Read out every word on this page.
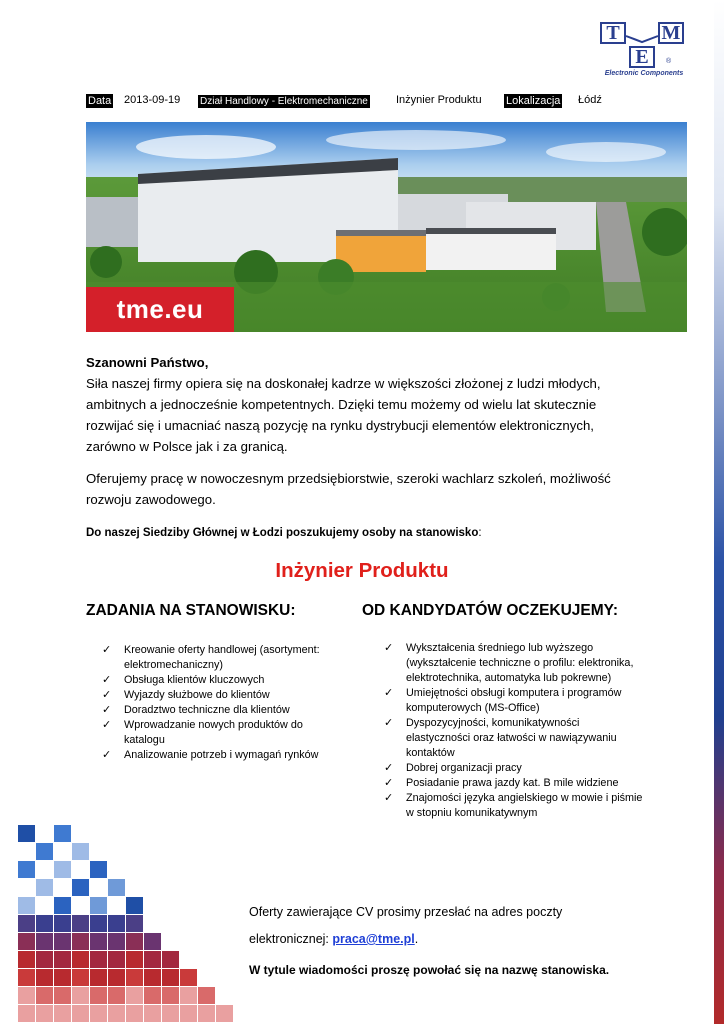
T	M
E	®
Electronic Components
Data 2013-09-19 Dział Handlowy - Elektromechaniczne	Inżynier Produktu Lokalizacja Łódź
tme.eu
Szanowni Państwo,
Siła naszej firmy opiera się na doskonałej kadrze w większości złożonej z ludzi młodych, ambitnych a jednocześnie kompetentnych. Dzięki temu możemy od wielu lat skutecznie rozwijać się i umacniać naszą pozycję na rynku dystrybucji elementów elektronicznych, zarówno w Polsce jak i za granicą.
Oferujemy pracę w nowoczesnym przedsiębiorstwie, szeroki wachlarz szkoleń, możliwość rozwoju zawodowego.
Do naszej Siedziby Głównej w Łodzi poszukujemy osoby na stanowisko:
Inżynier Produktu
ZADANIA NA STANOWISKU:	OD KANDYDATÓW OCZEKUJEMY:
✓ Kreowanie oferty handlowej (asortyment: elektromechaniczny)
✓ Obsługa klientów kluczowych
✓ Wyjazdy służbowe do klientów
✓ Doradztwo techniczne dla klientów
✓ Wprowadzanie nowych produktów do katalogu
✓ Analizowanie potrzeb i wymagań rynków
✓ Wykształcenia średniego lub wyższego (wykształcenie techniczne o profilu: elektronika, elektrotechnika, automatyka lub pokrewne)
✓ Umiejętności obsługi komputera i programów komputerowych (MS-Office)
✓ Dyspozycyjności, komunikatywności elastyczności oraz łatwości w nawiązywaniu kontaktów
✓ Dobrej organizacji pracy
✓ Posiadanie prawa jazdy kat. B mile widziene
✓ Znajomości języka angielskiego w mowie i piśmie w stopniu komunikatywnym
Oferty zawierające CV prosimy przesłać na adres poczty
elektronicznej: praca@tme.pl.
W tytule wiadomości proszę powołać się na nazwę stanowiska.
